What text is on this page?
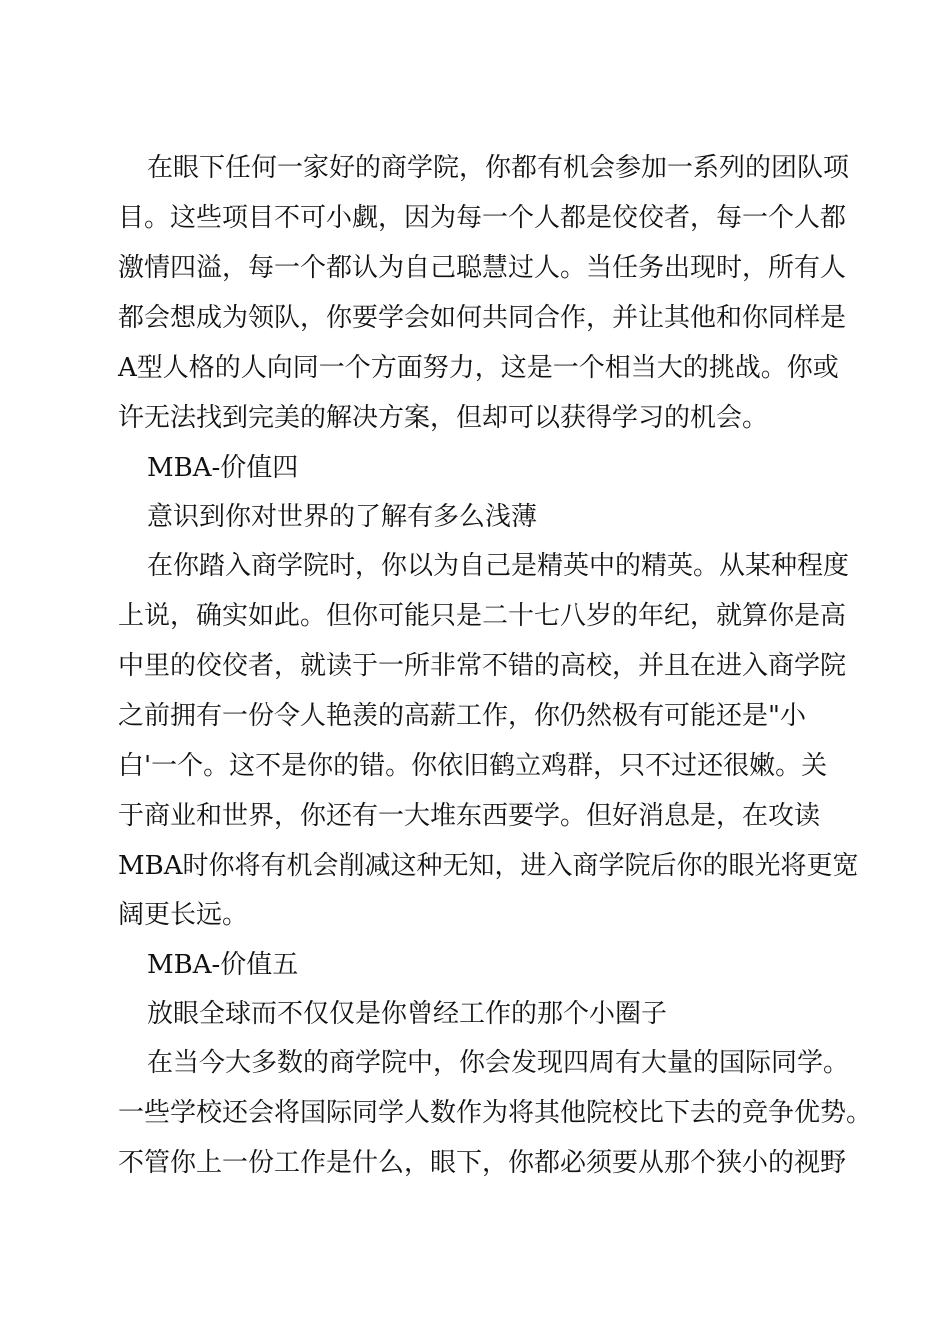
在眼下任何一家好的商学院，你都有机会参加一系列的团队项
目。这些项目不可小觑，因为每一个人都是佼佼者，每一个人都
激情四溢，每一个都认为自己聪慧过人。当任务出现时，所有人
都会想成为领队，你要学会如何共同合作，并让其他和你同样是
A型人格的人向同一个方面努力，这是一个相当大的挑战。你或
许无法找到完美的解决方案，但却可以获得学习的机会。
MBA-价值四
意识到你对世界的了解有多么浅薄
在你踏入商学院时，你以为自己是精英中的精英。从某种程度
上说，确实如此。但你可能只是二十七八岁的年纪，就算你是高
中里的佼佼者，就读于一所非常不错的高校，并且在进入商学院
之前拥有一份令人艳羡的高薪工作，你仍然极有可能还是"小
白'一个。这不是你的错。你依旧鹤立鸡群，只不过还很嫩。关
于商业和世界，你还有一大堆东西要学。但好消息是，在攻读
MBA时你将有机会削减这种无知，进入商学院后你的眼光将更宽
阔更长远。
MBA-价值五
放眼全球而不仅仅是你曾经工作的那个小圈子
在当今大多数的商学院中，你会发现四周有大量的国际同学。
一些学校还会将国际同学人数作为将其他院校比下去的竞争优势。
不管你上一份工作是什么，眼下，你都必须要从那个狭小的视野
